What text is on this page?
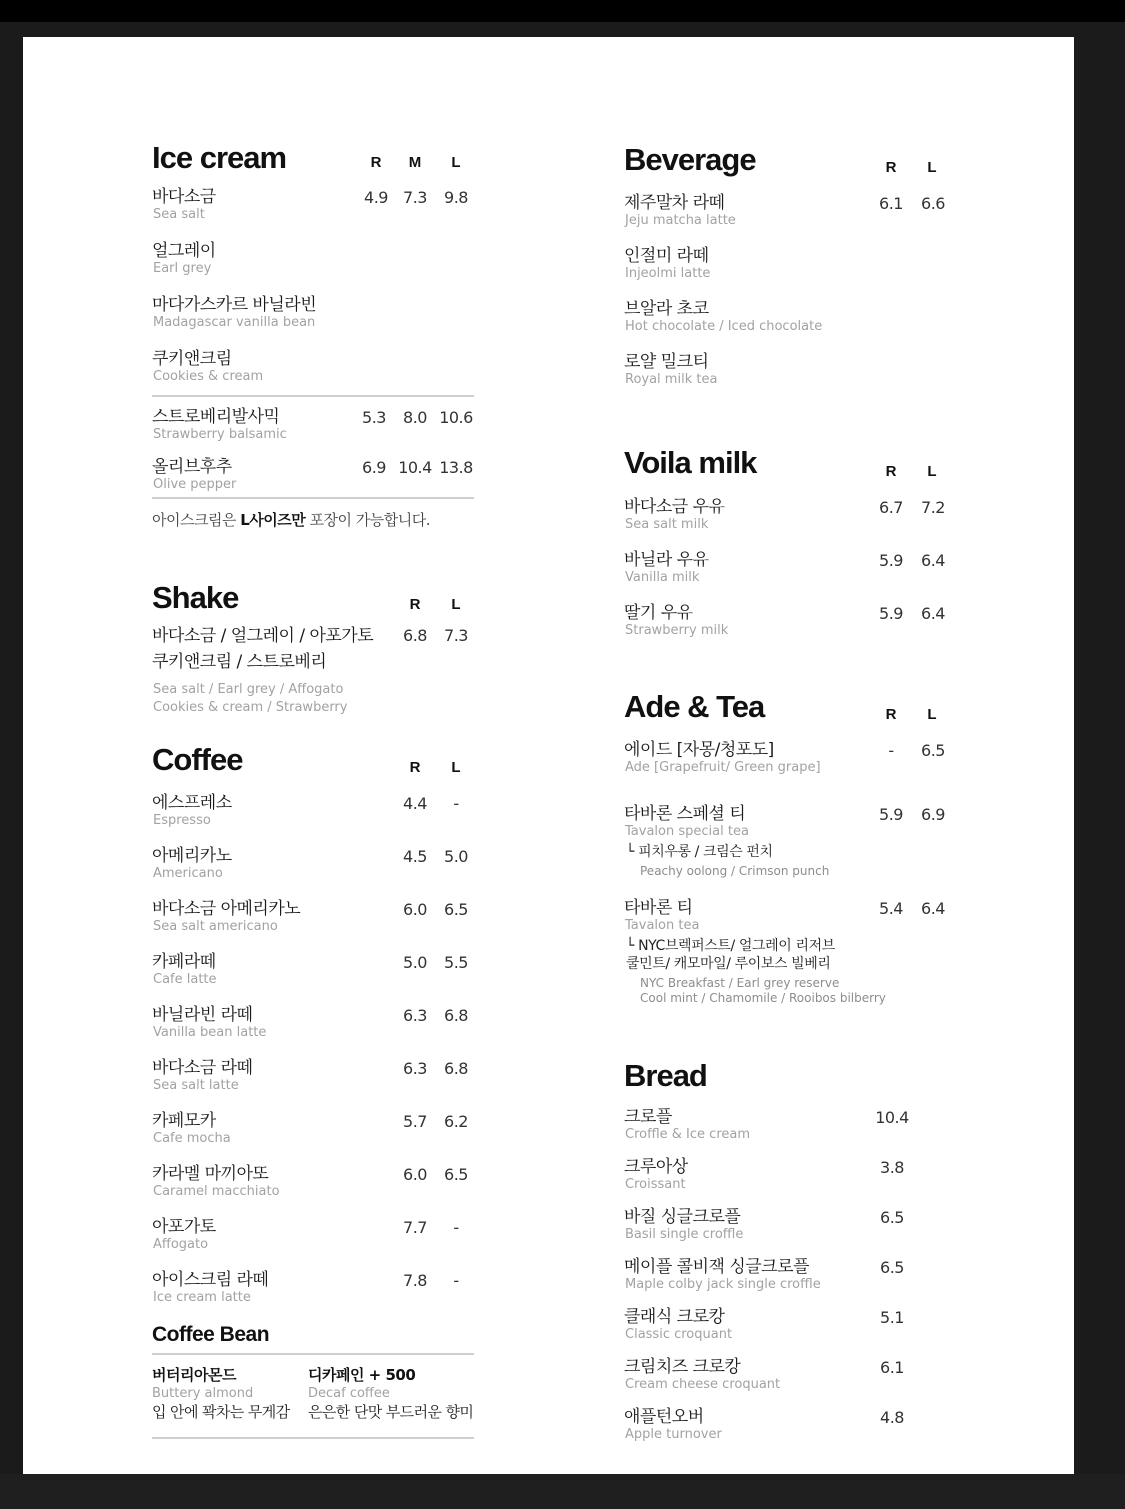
Ice cream	R	M	L
바다소금
Sea salt
4.9 7.3	9.8
얼그레이
Earl grey
마다가스카르 바닐라빈
Madagascar vanilla bean
쿠키앤크림
Cookies & cream
스트로베리발사믹
Strawberry balsamic
5.3	8.0 10.6
올리브후추
Olive pepper
6.9 10.4 13.8
아이스크림은 L사이즈만 포장이 가능합니다.
Shake	R	L
바다소금 / 얼그레이 / 아포가토
쿠키앤크림 / 스트로베리
Sea salt / Earl grey / Affogato
Cookies & cream / Strawberry
6.8	7.3
Coffee	R	L
에스프레소
Espresso
4.4	-
아메리카노
Americano
4.5	5.0
바다소금 아메리카노
Sea salt americano
6.0	6.5
카페라떼
Cafe latte
5.0	5.5
바닐라빈 라떼
Vanilla bean latte
6.3	6.8
바다소금 라떼
Sea salt latte
6.3	6.8
카페모카
Cafe mocha
5.7	6.2
카라멜 마끼아또
Caramel macchiato
6.0	6.5
아포가토
Affogato
7.7	-
아이스크림 라떼
Ice cream latte
7.8	-
Coffee Bean
버터리아몬드
Buttery almond
입 안에 꽉차는 무게감
디카페인 + 500
Decaf coffee
은은한 단맛 부드러운 향미
Beverage	R	L
제주말차 라떼
Jeju matcha latte
6.1	6.6
인절미 라떼
Injeolmi latte
브알라 초코
Hot chocolate / Iced chocolate
로얄 밀크티
Royal milk tea
Voila milk	R	L
바다소금 우유
Sea salt milk
6.7	7.2
바닐라 우유
Vanilla milk
5.9	6.4
딸기 우유
Strawberry milk
5.9	6.4
Ade & Tea	R	L
에이드 [자몽/청포도]
Ade [Grapefruit/ Green grape]
-	6.5
타바론 스페셜 티
Tavalon special tea
└ 피치우롱 / 크림슨 펀치
Peachy oolong / Crimson punch
5.9	6.9
타바론 티
Tavalon tea
└ NYC브렉퍼스트/ 얼그레이 리저브
쿨민트/ 캐모마일/ 루이보스 빌베리
NYC Breakfast / Earl grey reserve
Cool mint / Chamomile / Rooibos bilberry
5.4	6.4
Bread
크로플
Croffle & Ice cream
10.4
크루아상
Croissant
3.8
바질 싱글크로플
Basil single croffle
6.5
메이플 콜비잭 싱글크로플
Maple colby jack single croffle
6.5
클래식 크로캉
Classic croquant
5.1
크림치즈 크로캉
Cream cheese croquant
6.1
애플턴오버
Apple turnover
4.8
